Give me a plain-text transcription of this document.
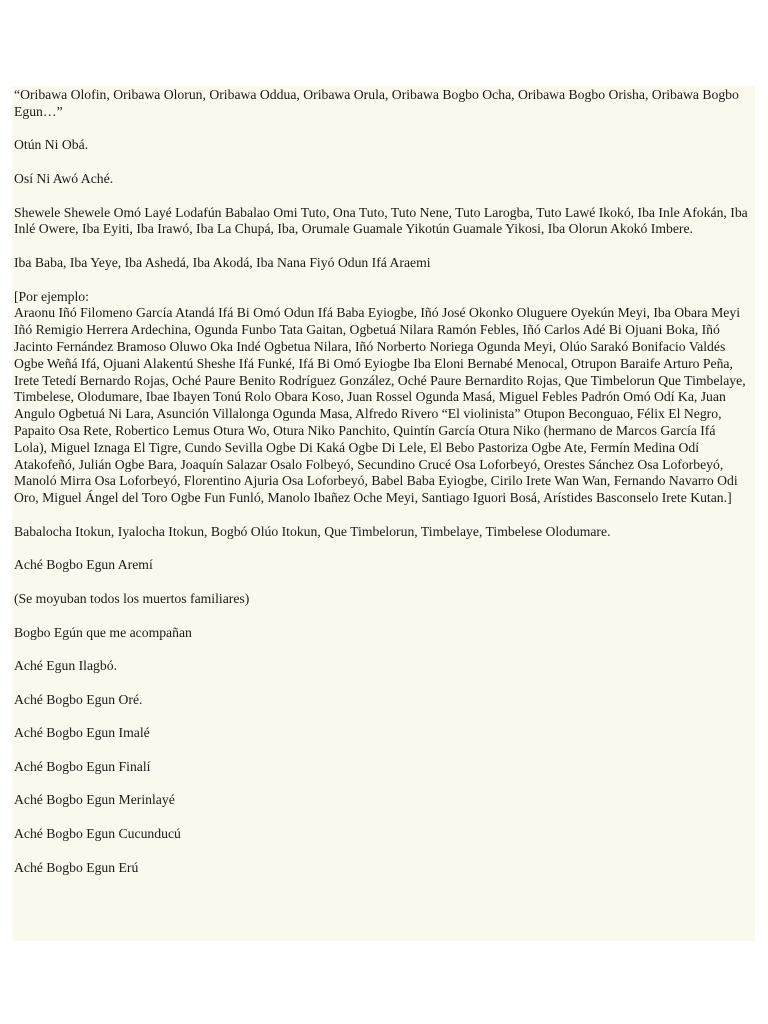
“Oribawa Olofin, Oribawa Olorun, Oribawa Oddua, Oribawa Orula, Oribawa Bogbo Ocha, Oribawa Bogbo Orisha, Oribawa Bogbo Egun…”

Otún Ni Obá.

Osí Ni Awó Aché.

Shewele Shewele Omó Layé Lodafún Babalao Omi Tuto, Ona Tuto, Tuto Nene, Tuto Larogba, Tuto Lawé Ikokó, Iba Inle Afokán, Iba Inlé Owere, Iba Eyiti, Iba Irawó, Iba La Chupá, Iba, Orumale Guamale Yikotún Guamale Yikosi, Iba Olorun Akokó Imbere.

Iba Baba, Iba Yeye, Iba Ashedá, Iba Akodá, Iba Nana Fiyó Odun Ifá Araemi

[Por ejemplo:

Araonu Iñó Filomeno García Atandá Ifá Bi Omó Odun Ifá Baba Eyiogbe, Iñó José Okonko Oluguere Oyekún Meyi, Iba Obara Meyi Iñó Remigio Herrera Ardechina, Ogunda Funbo Tata Gaitan, Ogbetuá Nilara Ramón Febles, Iñó Carlos Adé Bi Ojuani Boka, Iñó Jacinto Fernández Bramoso Oluwo Oka Indé Ogbetua Nilara, Iñó Norberto Noriega Ogunda Meyi, Olúo Sarakó Bonifacio Valdés Ogbe Weñá Ifá, Ojuani Alakentú Sheshe Ifá Funké, Ifá Bi Omó Eyiogbe Iba Eloni Bernabé Menocal, Otrupon Baraife Arturo Peña, Irete Tetedí Bernardo Rojas, Oché Paure Benito Rodríguez González, Oché Paure Bernardito Rojas, Que Timbelorun Que Timbelaye, Timbelese, Olodumare, Ibae Ibayen Tonú Rolo Obara Koso, Juan Rossel Ogunda Masá, Miguel Febles Padrón Omó Odí Ka, Juan Angulo Ogbetuá Ni Lara, Asunción Villalonga Ogunda Masa, Alfredo Rivero “El violinista” Otupon Beconguao, Félix El Negro, Papaito Osa Rete, Robertico Lemus Otura Wo, Otura Niko Panchito, Quintín García Otura Niko (hermano de Marcos García Ifá Lola), Miguel Iznaga El Tigre, Cundo Sevilla Ogbe Di Kaká Ogbe Di Lele, El Bebo Pastoriza Ogbe Ate, Fermín Medina Odí Atakofeñó, Julián Ogbe Bara, Joaquín Salazar Osalo Folbeyó, Secundino Crucé Osa Loforbeyó, Orestes Sánchez Osa Loforbeyó, Manoló Mirra Osa Loforbeyó, Florentino Ajuria Osa Loforbeyó, Babel Baba Eyiogbe, Cirilo Irete Wan Wan, Fernando Navarro Odi Oro, Miguel Ángel del Toro Ogbe Fun Funló, Manolo Ibañez Oche Meyi, Santiago Iguori Bosá, Arístides Basconselo Irete Kutan.]

Babalocha Itokun, Iyalocha Itokun, Bogbó Olúo Itokun, Que Timbelorun, Timbelaye, Timbelese Olodumare.

Aché Bogbo Egun Aremí

(Se moyuban todos los muertos familiares)

Bogbo Egún que me acompañan

Aché Egun Ilagbó.

Aché Bogbo Egun Oré.

Aché Bogbo Egun Imalé

Aché Bogbo Egun Finalí

Aché Bogbo Egun Merinlayé

Aché Bogbo Egun Cucunducú

Aché Bogbo Egun Erú
